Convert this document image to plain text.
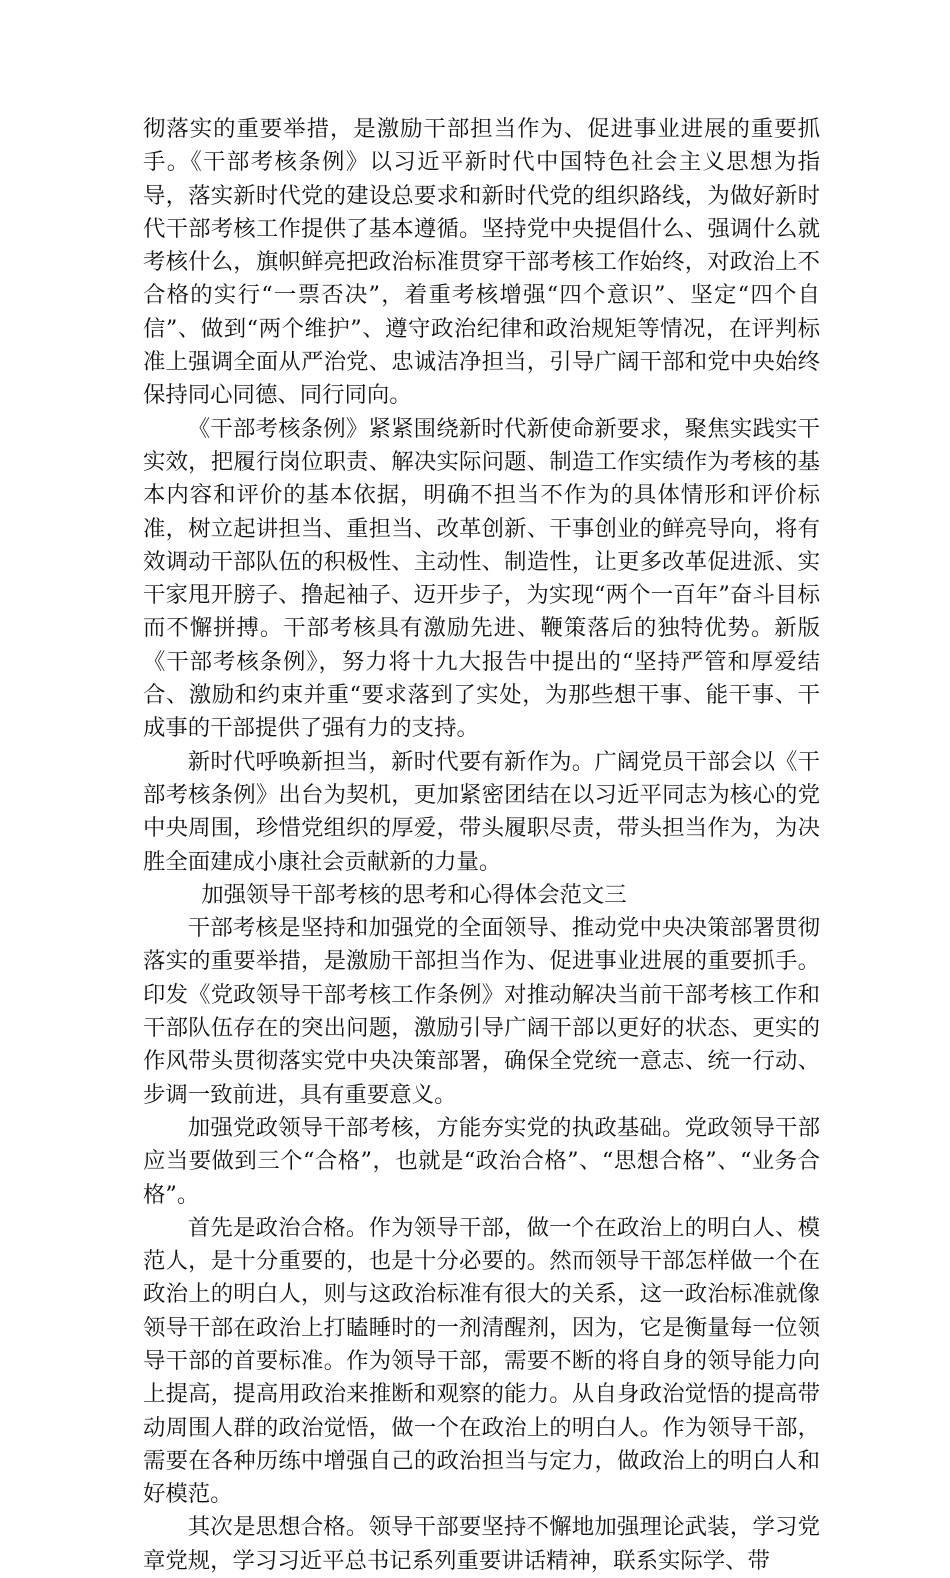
彻落实的重要举措，是激励干部担当作为、促进事业进展的重要抓手。《干部考核条例》以习近平新时代中国特色社会主义思想为指导，落实新时代党的建设总要求和新时代党的组织路线，为做好新时代干部考核工作提供了基本遵循。坚持党中央提倡什么、强调什么就考核什么，旗帜鲜亮把政治标准贯穿干部考核工作始终，对政治上不合格的实行“一票否决”，着重考核增强“四个意识”、坚定“四个自信”、做到“两个维护”、遵守政治纪律和政治规矩等情况，在评判标准上强调全面从严治党、忠诚洁净担当，引导广阔干部和党中央始终保持同心同德、同行同向。

《干部考核条例》紧紧围绕新时代新使命新要求，聚焦实践实干实效，把履行岗位职责、解决实际问题、制造工作实绩作为考核的基本内容和评价的基本依据，明确不担当不作为的具体情形和评价标准，树立起讲担当、重担当、改革创新、干事创业的鲜亮导向，将有效调动干部队伍的积极性、主动性、制造性，让更多改革促进派、实干家甩开膀子、撸起袖子、迈开步子，为实现“两个一百年”奋斗目标而不懈拼搏。干部考核具有激励先进、鞭策落后的独特优势。新版《干部考核条例》，努力将十九大报告中提出的“坚持严管和厚爱结合、激励和约束并重“要求落到了实处，为那些想干事、能干事、干成事的干部提供了强有力的支持。

新时代呼唤新担当，新时代要有新作为。广阔党员干部会以《干部考核条例》出台为契机，更加紧密团结在以习近平同志为核心的党中央周围，珍惜党组织的厚爱，带头履职尽责，带头担当作为，为决胜全面建成小康社会贡献新的力量。

加强领导干部考核的思考和心得体会范文三

干部考核是坚持和加强党的全面领导、推动党中央决策部署贯彻落实的重要举措，是激励干部担当作为、促进事业进展的重要抓手。印发《党政领导干部考核工作条例》对推动解决当前干部考核工作和干部队伍存在的突出问题，激励引导广阔干部以更好的状态、更实的作风带头贯彻落实党中央决策部署，确保全党统一意志、统一行动、步调一致前进，具有重要意义。

加强党政领导干部考核，方能夯实党的执政基础。党政领导干部应当要做到三个“合格”，也就是“政治合格”、“思想合格”、“业务合格”。

首先是政治合格。作为领导干部，做一个在政治上的明白人、模范人，是十分重要的，也是十分必要的。然而领导干部怎样做一个在政治上的明白人，则与这政治标准有很大的关系，这一政治标准就像领导干部在政治上打瞌睡时的一剂清醒剂，因为，它是衡量每一位领导干部的首要标准。作为领导干部，需要不断的将自身的领导能力向上提高，提高用政治来推断和观察的能力。从自身政治觉悟的提高带动周围人群的政治觉悟，做一个在政治上的明白人。作为领导干部，需要在各种历练中增强自己的政治担当与定力，做政治上的明白人和好模范。

其次是思想合格。领导干部要坚持不懈地加强理论武装，学习党章党规，学习习近平总书记系列重要讲话精神，联系实际学、带
